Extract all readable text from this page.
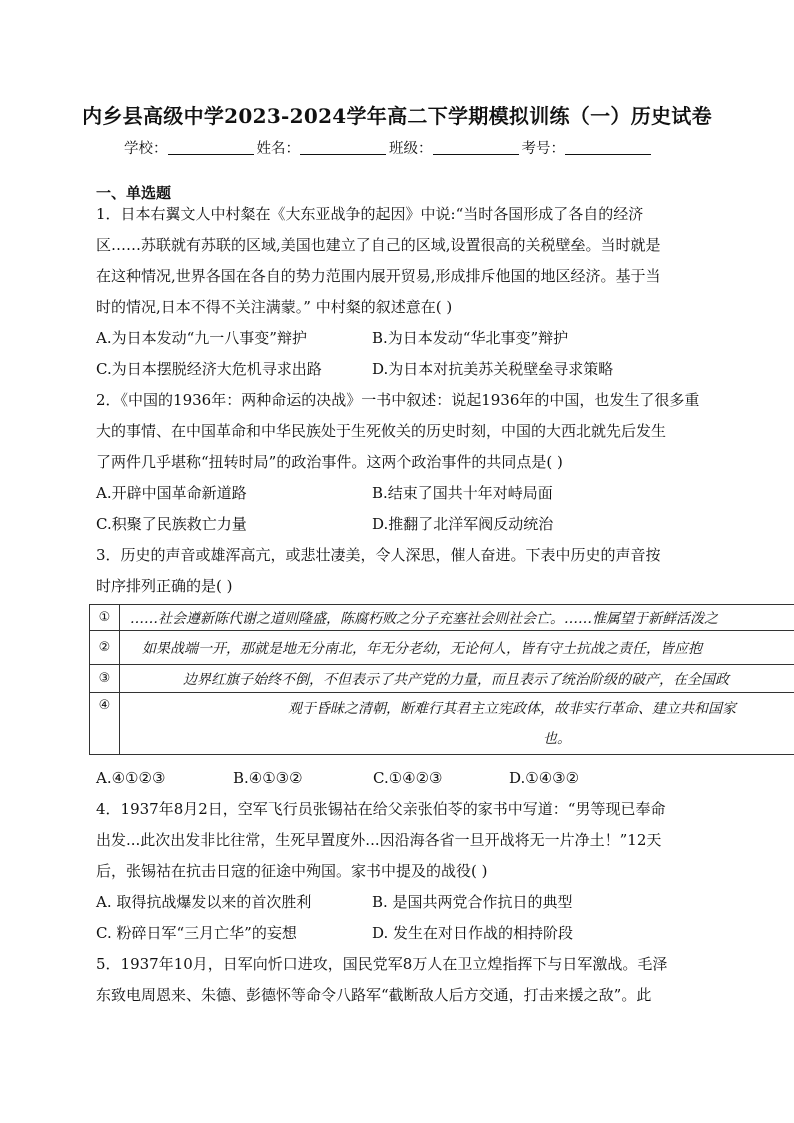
内乡县高级中学2023-2024学年高二下学期模拟训练（一）历史试卷
学校：	姓名：	班级：	考号：
一、单选题
1．日本右翼文人中村粲在《大东亚战争的起因》中说:“当时各国形成了各自的经济
区……苏联就有苏联的区域,美国也建立了自己的区域,设置很高的关税壁垒。当时就是
在这种情况,世界各国在各自的势力范围内展开贸易,形成排斥他国的地区经济。基于当
时的情况,日本不得不关注满蒙。” 中村粲的叙述意在( )
A.为日本发动“九一八事变”辩护	B.为日本发动“华北事变”辩护
C.为日本摆脱经济大危机寻求出路	D.为日本对抗美苏关税壁垒寻求策略
2．《中国的1936年：两种命运的决战》一书中叙述：说起1936年的中国，也发生了很多重
大的事情、在中国革命和中华民族处于生死攸关的历史时刻，中国的大西北就先后发生
了两件几乎堪称“扭转时局”的政治事件。这两个政治事件的共同点是( )
A.开辟中国革命新道路	B.结束了国共十年对峙局面
C.积聚了民族救亡力量	D.推翻了北洋军阀反动统治
3．历史的声音或雄浑高亢，或悲壮凄美，令人深思，催人奋进。下表中历史的声音按
时序排列正确的是( )
①	……社会遵新陈代谢之道则隆盛，陈腐朽败之分子充塞社会则社会亡。……惟属望于新鲜活泼之
②	如果战端一开，那就是地无分南北，年无分老幼，无论何人，皆有守土抗战之责任，皆应抱
③	边界红旗子始终不倒，不但表示了共产党的力量，而且表示了统治阶级的破产，在全国政
④	观于昏昧之清朝，断难行其君主立宪政体，故非实行革命、建立共和国家
也。
A.④①②③	B.④①③②	C.①④②③	D.①④③②
4．1937年8月2日，空军飞行员张锡祜在给父亲张伯苓的家书中写道：“男等现已奉命
出发...此次出发非比往常，生死早置度外...因沿海各省一旦开战将无一片净土！”12天
后，张锡祜在抗击日寇的征途中殉国。家书中提及的战役( )
A. 取得抗战爆发以来的首次胜利	B. 是国共两党合作抗日的典型
C. 粉碎日军“三月亡华”的妄想	D. 发生在对日作战的相持阶段
5．1937年10月，日军向忻口进攻，国民党军8万人在卫立煌指挥下与日军激战。毛泽
东致电周恩来、朱德、彭德怀等命令八路军“截断敌人后方交通，打击来援之敌”。此
